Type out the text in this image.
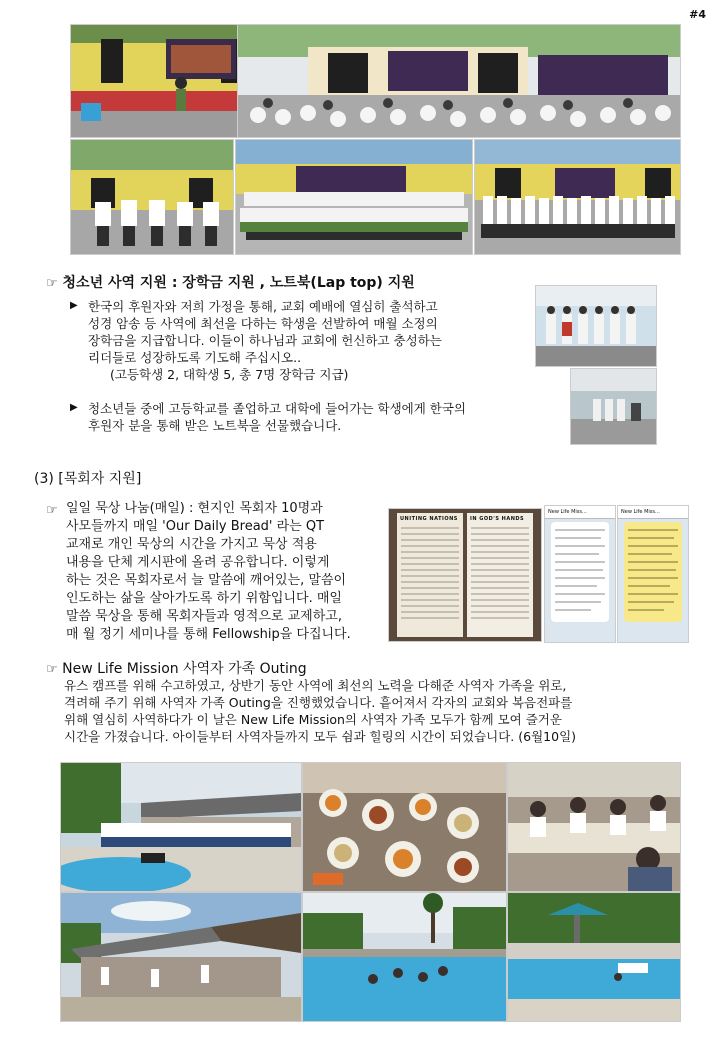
#4
☞ 청소년 사역 지원 : 장학금 지원 , 노트북(Lap top) 지원
▶ 한국의 후원자와 저희 가정을 통해, 교회 예배에 열심히 출석하고
성경 암송 등 사역에 최선을 다하는 학생을 선발하여 매월 소정의
장학금을 지급합니다. 이들이 하나님과 교회에 헌신하고 충성하는
리더들로 성장하도록 기도해 주십시오..
(고등학생 2, 대학생 5, 총 7명 장학금 지급)
▶ 청소년들 중에 고등학교를 졸업하고 대학에 들어가는 학생에게 한국의
후원자 분을 통해 받은 노트북을 선물했습니다.
(3) [목회자 지원]
☞ 일일 묵상 나눔(매일) : 현지인 목회자 10명과
사모들까지 매일 'Our Daily Bread' 라는 QT
교재로 개인 묵상의 시간을 가지고 묵상 적용
내용을 단체 게시판에 올려 공유합니다. 이렇게
하는 것은 목회자로서 늘 말씀에 깨어있는, 말씀이
인도하는 삶을 살아가도록 하기 위함입니다. 매일
말씀 묵상을 통해 목회자들과 영적으로 교제하고,
매 월 정기 세미나를 통해 Fellowship을 다집니다.
UNITING NATIONS	IN GOD'S HANDS
New Life Miss...	New Life Miss...
☞ New Life Mission 사역자 가족 Outing
유스 캠프를 위해 수고하였고, 상반기 동안 사역에 최선의 노력을 다해준 사역자 가족을 위로,
격려해 주기 위해 사역자 가족 Outing을 진행했었습니다. 흩어져서 각자의 교회와 복음전파를
위해 열심히 사역하다가 이 날은 New Life Mission의 사역자 가족 모두가 함께 모여 즐거운
시간을 가졌습니다. 아이들부터 사역자들까지 모두 쉼과 힐링의 시간이 되었습니다. (6월10일)
